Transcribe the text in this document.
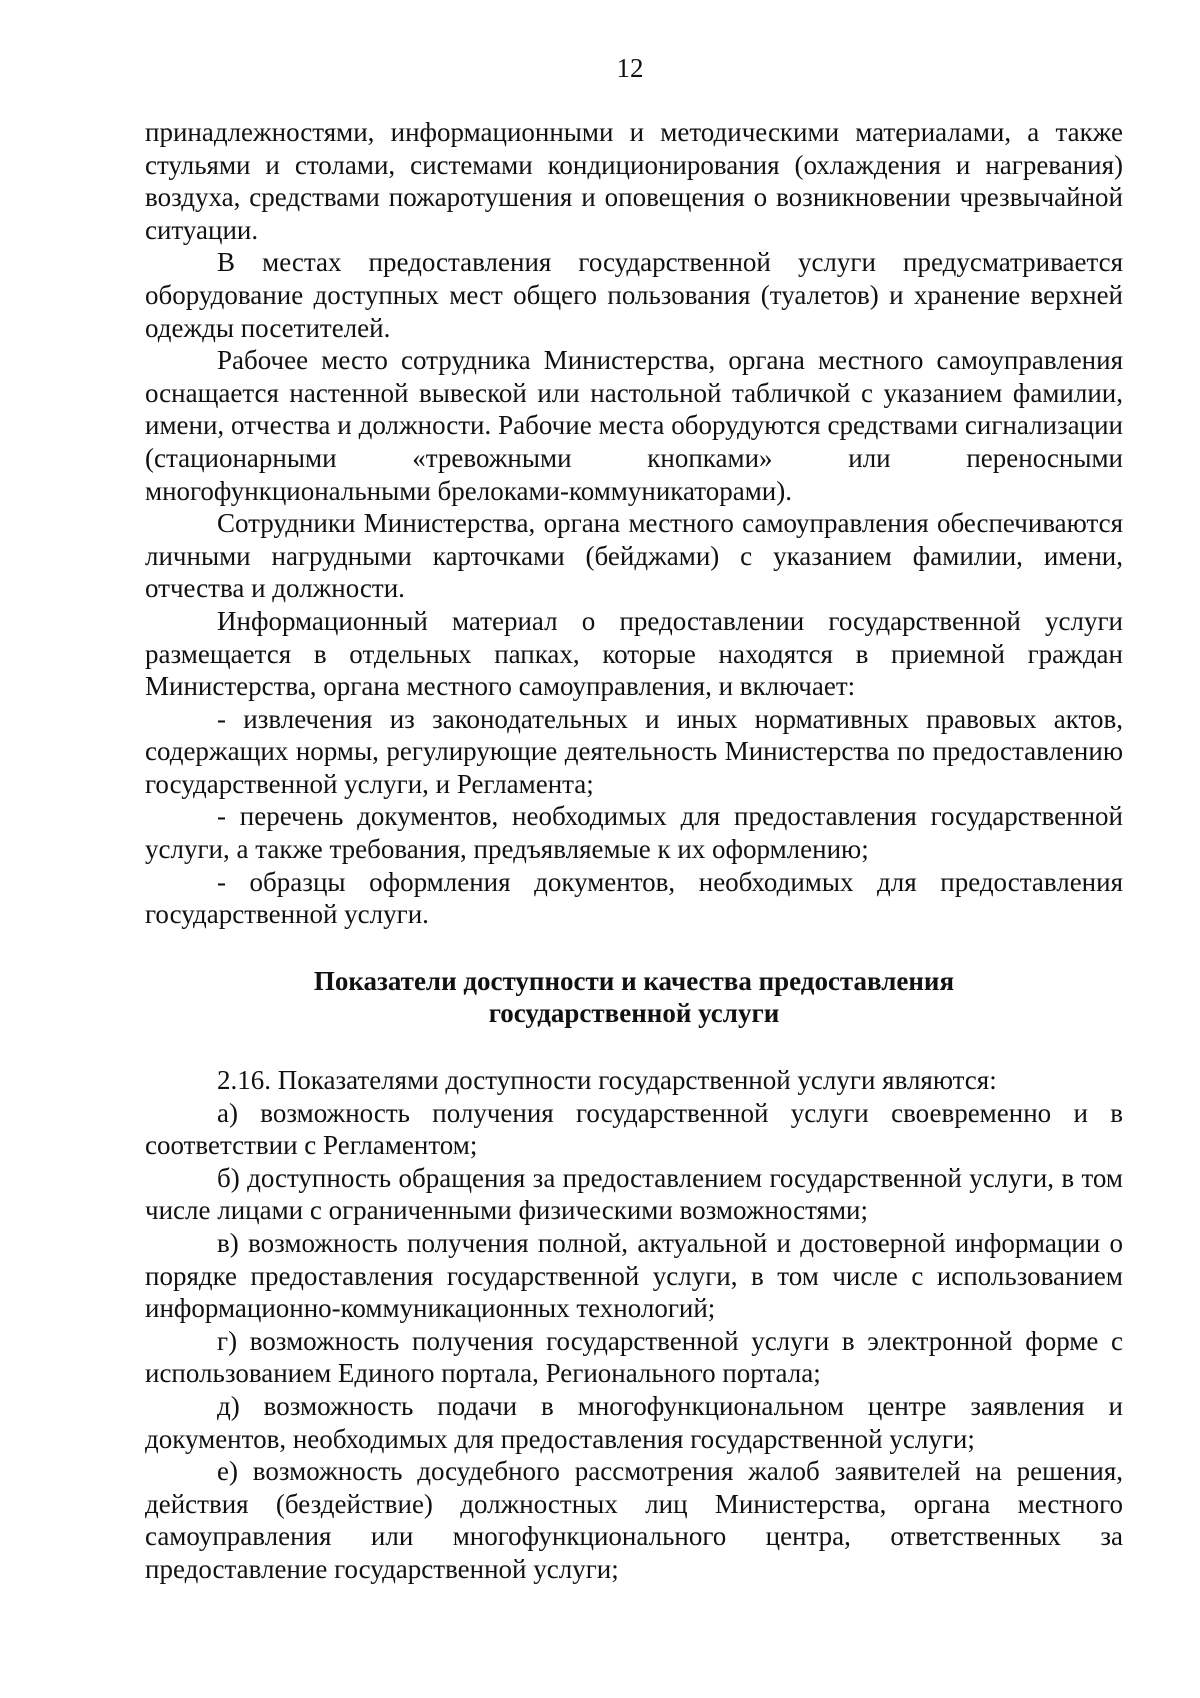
12

принадлежностями, информационными и методическими материалами, а также стульями и столами, системами кондиционирования (охлаждения и нагревания) воздуха, средствами пожаротушения и оповещения о возникновении чрезвычайной ситуации.

В местах предоставления государственной услуги предусматривается оборудование доступных мест общего пользования (туалетов) и хранение верхней одежды посетителей.

Рабочее место сотрудника Министерства, органа местного самоуправления оснащается настенной вывеской или настольной табличкой с указанием фамилии, имени, отчества и должности. Рабочие места оборудуются средствами сигнализации (стационарными «тревожными кнопками» или переносными многофункциональными брелоками-коммуникаторами).

Сотрудники Министерства, органа местного самоуправления обеспечиваются личными нагрудными карточками (бейджами) с указанием фамилии, имени, отчества и должности.

Информационный материал о предоставлении государственной услуги размещается в отдельных папках, которые находятся в приемной граждан Министерства, органа местного самоуправления, и включает:

- извлечения из законодательных и иных нормативных правовых актов, содержащих нормы, регулирующие деятельность Министерства по предоставлению государственной услуги, и Регламента;

- перечень документов, необходимых для предоставления государственной услуги, а также требования, предъявляемые к их оформлению;

- образцы оформления документов, необходимых для предоставления государственной услуги.

Показатели доступности и качества предоставления
государственной услуги

2.16. Показателями доступности государственной услуги являются:

а) возможность получения государственной услуги своевременно и в соответствии с Регламентом;

б) доступность обращения за предоставлением государственной услуги, в том числе лицами с ограниченными физическими возможностями;

в) возможность получения полной, актуальной и достоверной информации о порядке предоставления государственной услуги, в том числе с использованием информационно-коммуникационных технологий;

г) возможность получения государственной услуги в электронной форме с использованием Единого портала, Регионального портала;

д) возможность подачи в многофункциональном центре заявления и документов, необходимых для предоставления государственной услуги;

е) возможность досудебного рассмотрения жалоб заявителей на решения, действия (бездействие) должностных лиц Министерства, органа местного самоуправления или многофункционального центра, ответственных за предоставление государственной услуги;
